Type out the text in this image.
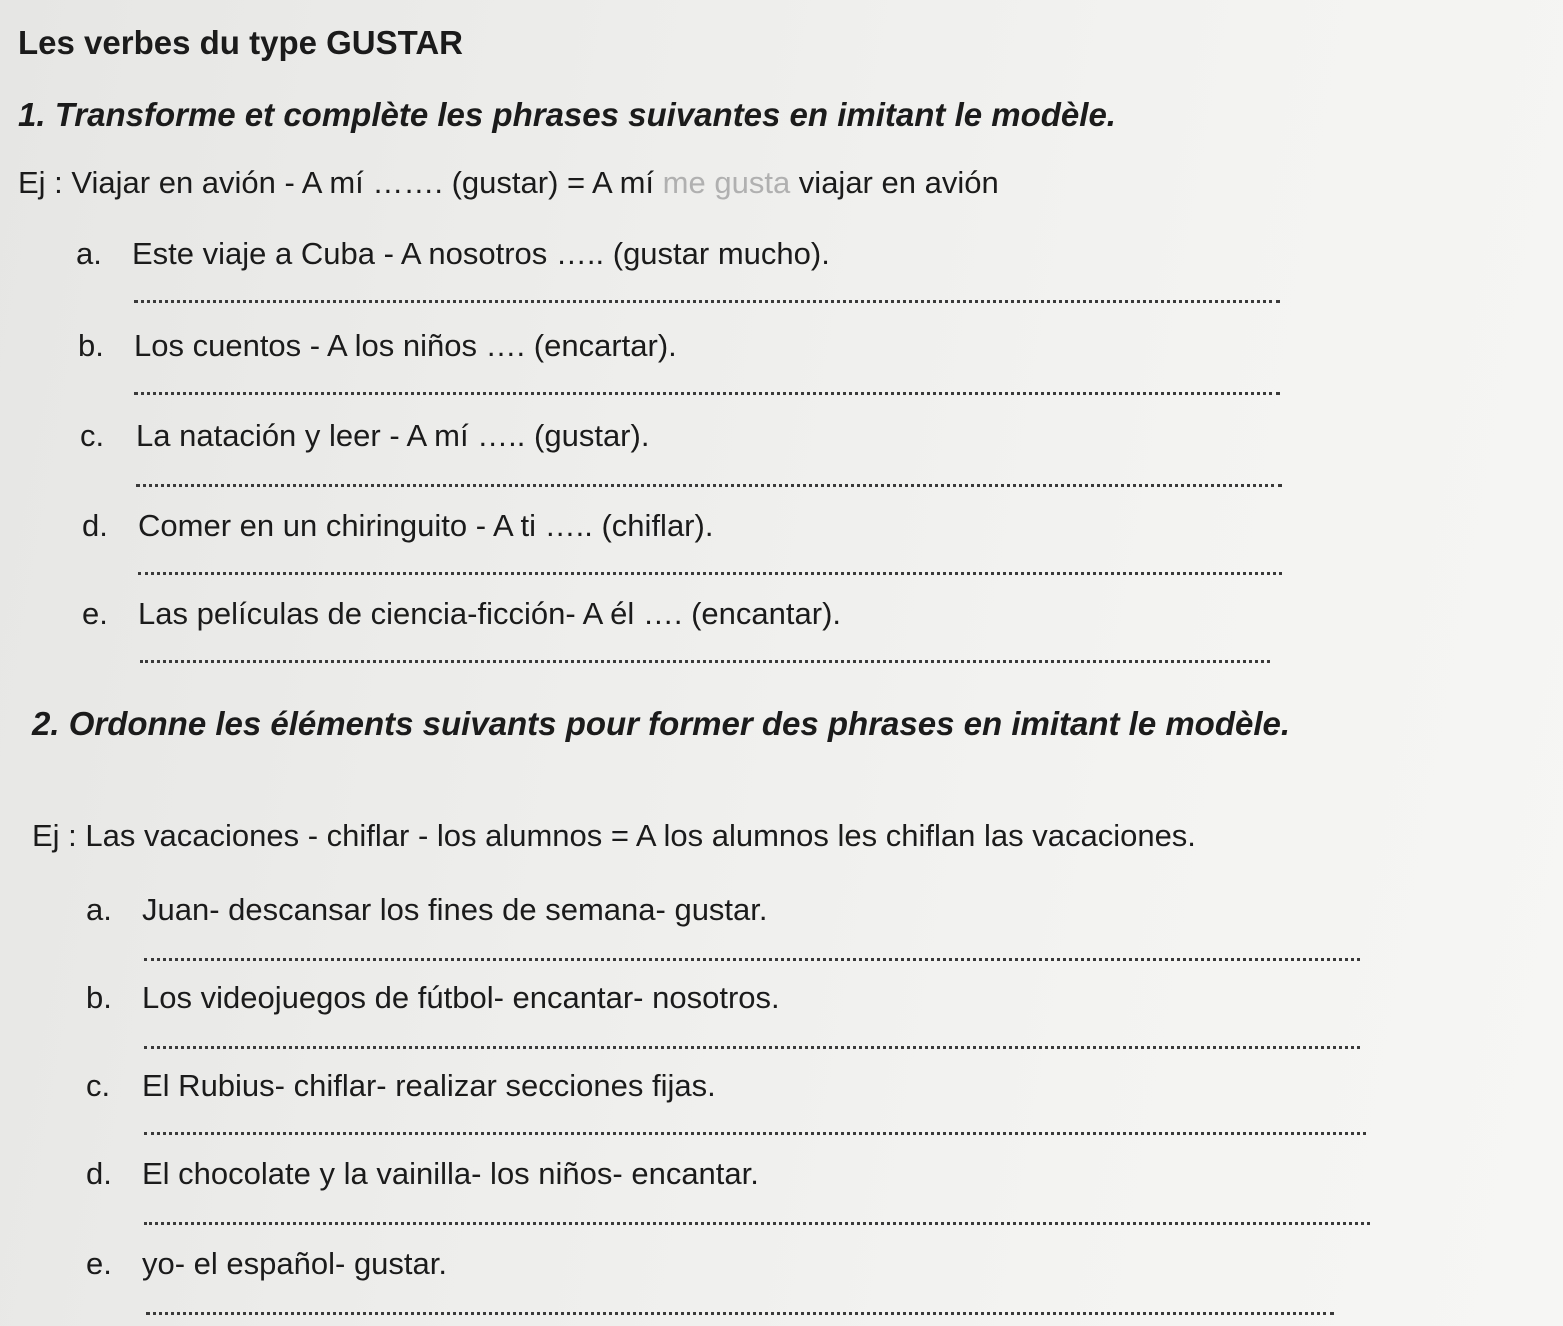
Les verbes du type GUSTAR

1. Transforme et complète les phrases suivantes en imitant le modèle.

Ej : Viajar en avión - A mí ……. (gustar) = A mí me gusta viajar en avión

a. Este viaje a Cuba - A nosotros ….. (gustar mucho).

b. Los cuentos - A los niños …. (encartar).

c. La natación y leer - A mí ….. (gustar).

d. Comer en un chiringuito - A ti ….. (chiflar).

e. Las películas de ciencia-ficción- A él …. (encantar).

2. Ordonne les éléments suivants pour former des phrases en imitant le modèle.

Ej : Las vacaciones - chiflar - los alumnos = A los alumnos les chiflan las vacaciones.

a. Juan- descansar los fines de semana- gustar.

b. Los videojuegos de fútbol- encantar- nosotros.

c. El Rubius- chiflar- realizar secciones fijas.

d. El chocolate y la vainilla- los niños- encantar.

e. yo- el español- gustar.
